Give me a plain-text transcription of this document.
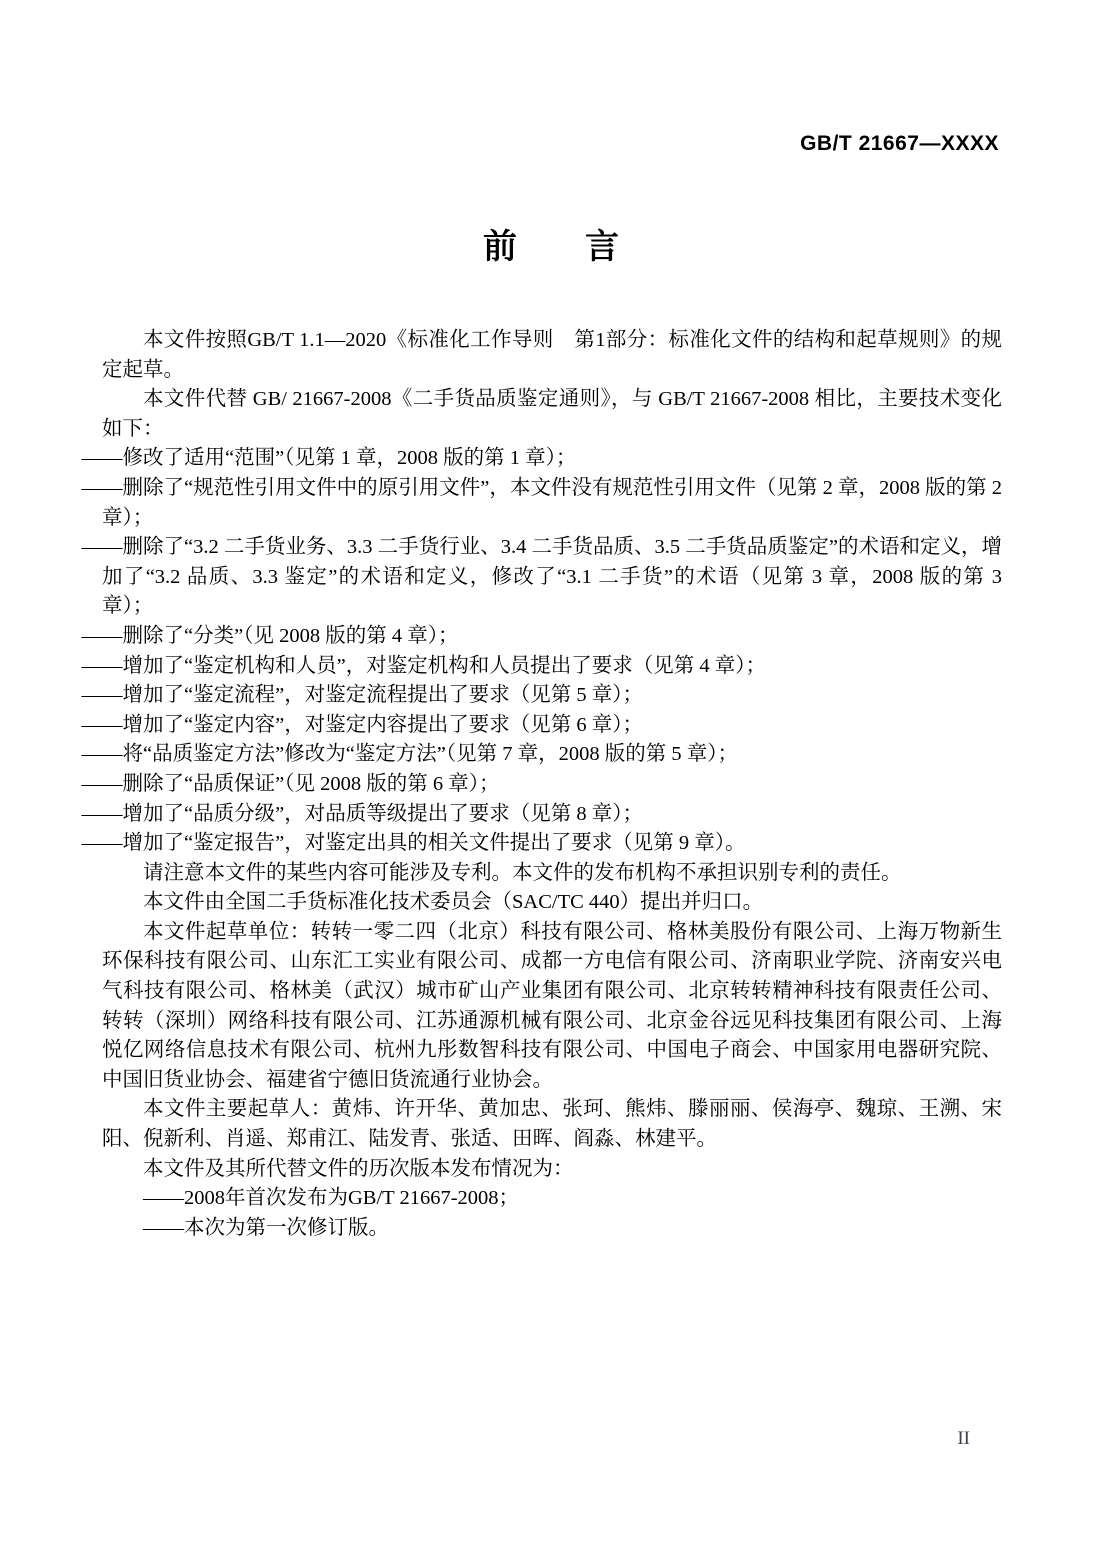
GB/T 21667—XXXX
前　　言

本文件按照GB/T 1.1—2020《标准化工作导则　第1部分：标准化文件的结构和起草规则》的规定起草。

本文件代替 GB/ 21667-2008《二手货品质鉴定通则》，与 GB/T 21667-2008 相比，主要技术变化如下：

——修改了适用“范围”（见第 1 章，2008 版的第 1 章）；

——删除了“规范性引用文件中的原引用文件”，本文件没有规范性引用文件（见第 2 章，2008 版的第 2 章）；

——删除了“3.2 二手货业务、3.3 二手货行业、3.4 二手货品质、3.5 二手货品质鉴定”的术语和定义，增加了“3.2 品质、3.3 鉴定”的术语和定义，修改了“3.1 二手货”的术语（见第 3 章，2008 版的第 3 章）；

——删除了“分类”（见 2008 版的第 4 章）；

——增加了“鉴定机构和人员”，对鉴定机构和人员提出了要求（见第 4 章）；

——增加了“鉴定流程”，对鉴定流程提出了要求（见第 5 章）；

——增加了“鉴定内容”，对鉴定内容提出了要求（见第 6 章）；

——将“品质鉴定方法”修改为“鉴定方法”（见第 7 章，2008 版的第 5 章）；

——删除了“品质保证”（见 2008 版的第 6 章）；

——增加了“品质分级”，对品质等级提出了要求（见第 8 章）；

——增加了“鉴定报告”，对鉴定出具的相关文件提出了要求（见第 9 章）。

请注意本文件的某些内容可能涉及专利。本文件的发布机构不承担识别专利的责任。

本文件由全国二手货标准化技术委员会（SAC/TC 440）提出并归口。

本文件起草单位：转转一零二四（北京）科技有限公司、格林美股份有限公司、上海万物新生环保科技有限公司、山东汇工实业有限公司、成都一方电信有限公司、济南职业学院、济南安兴电气科技有限公司、格林美（武汉）城市矿山产业集团有限公司、北京转转精神科技有限责任公司、转转（深圳）网络科技有限公司、江苏通源机械有限公司、北京金谷远见科技集团有限公司、上海悦亿网络信息技术有限公司、杭州九彤数智科技有限公司、中国电子商会、中国家用电器研究院、中国旧货业协会、福建省宁德旧货流通行业协会。

本文件主要起草人：黄炜、许开华、黄加忠、张珂、熊炜、滕丽丽、侯海亭、魏琼、王溯、宋阳、倪新利、肖遥、郑甫江、陆发青、张适、田晖、阎淼、林建平。

本文件及其所代替文件的历次版本发布情况为：

——2008年首次发布为GB/T 21667-2008；

——本次为第一次修订版。

II
